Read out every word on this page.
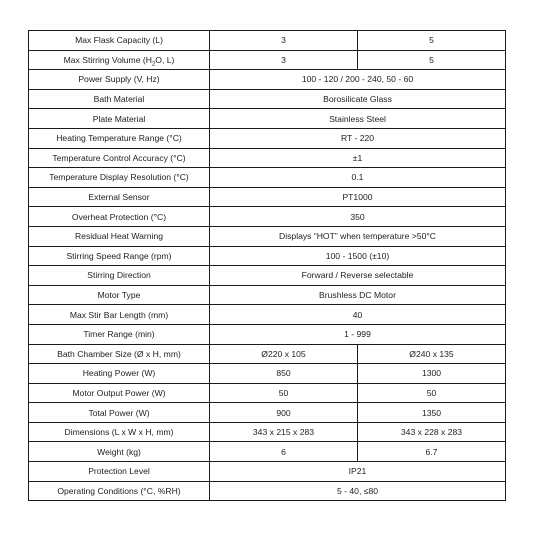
Max Flask Capacity (L)	3	5
Max Stirring Volume ($H_2O$, L)	3	5
Power Supply (V, Hz)	100 - 120 / 200 - 240, 50 - 60	
Bath Material	Borosilicate Glass	
Plate Material	Stainless Steel	
Heating Temperature Range (°C)	RT - 220	
Temperature Control Accuracy (°C)	±1	
Temperature Display Resolution (°C)	0.1	
External Sensor	PT1000	
Overheat Protection (°C)	350	
Residual Heat Warning	Displays “HOT” when temperature >50°C	
Stirring Speed Range (rpm)	100 - 1500 (±10)	
Stirring Direction	Forward / Reverse selectable	
Motor Type	Brushless DC Motor	
Max Stir Bar Length (mm)	40	
Timer Range (min)	1 - 999	
Bath Chamber Size (Ø x H, mm)	Ø220 x 105	Ø240 x 135
Heating Power (W)	850	1300
Motor Output Power (W)	50	50
Total Power (W)	900	1350
Dimensions (L x W x H, mm)	343 x 215 x 283	343 x 228 x 283
Weight (kg)	6	6.7
Protection Level	IP21	
Operating Conditions (°C, %RH)	5 - 40, ≤80	
